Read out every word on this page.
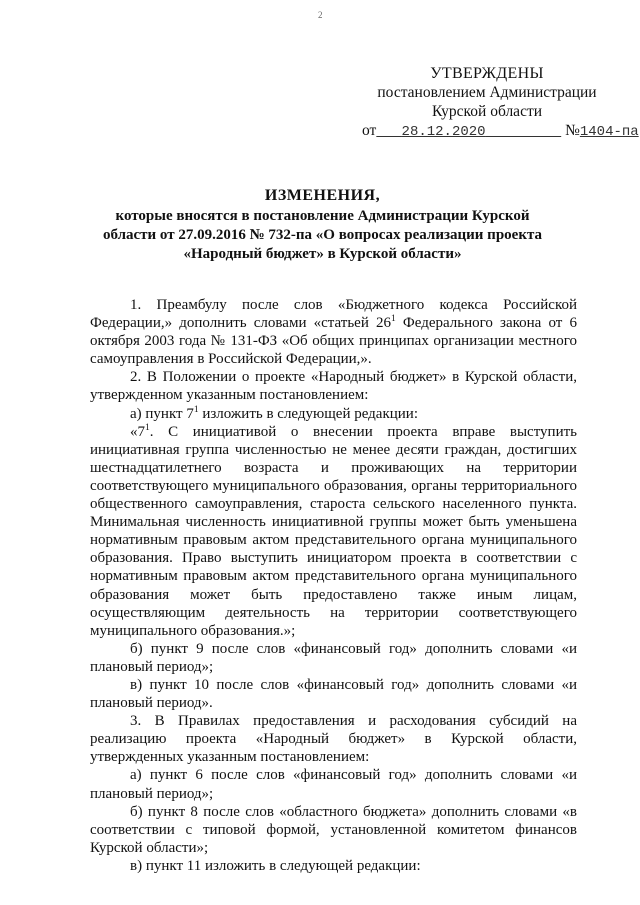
2
УТВЕРЖДЕНЫ
постановлением Администрации
Курской области
от 28.12.2020	№1404-па
ИЗМЕНЕНИЯ,
которые вносятся в постановление Администрации Курской области от 27.09.2016 № 732-па «О вопросах реализации проекта «Народный бюджет» в Курской области»

1. Преамбулу после слов «Бюджетного кодекса Российской Федерации,» дополнить словами «статьей $26^1$ Федерального закона от 6 октября 2003 года № 131-ФЗ «Об общих принципах организации местного самоуправления в Российской Федерации,».

2. В Положении о проекте «Народный бюджет» в Курской области, утвержденном указанным постановлением:

а) пункт $7^1$ изложить в следующей редакции:

«$7^1$. С инициативой о внесении проекта вправе выступить инициативная группа численностью не менее десяти граждан, достигших шестнадцатилетнего возраста и проживающих на территории соответствующего муниципального образования, органы территориального общественного самоуправления, староста сельского населенного пункта. Минимальная численность инициативной группы может быть уменьшена нормативным правовым актом представительного органа муниципального образования. Право выступить инициатором проекта в соответствии с нормативным правовым актом представительного органа муниципального образования может быть предоставлено также иным лицам, осуществляющим деятельность на территории соответствующего муниципального образования.»;

б) пункт 9 после слов «финансовый год» дополнить словами «и плановый период»;

в) пункт 10 после слов «финансовый год» дополнить словами «и плановый период».

3. В Правилах предоставления и расходования субсидий на реализацию проекта «Народный бюджет» в Курской области, утвержденных указанным постановлением:

а) пункт 6 после слов «финансовый год» дополнить словами «и плановый период»;

б) пункт 8 после слов «областного бюджета» дополнить словами «в соответствии с типовой формой, установленной комитетом финансов Курской области»;

в) пункт 11 изложить в следующей редакции:
